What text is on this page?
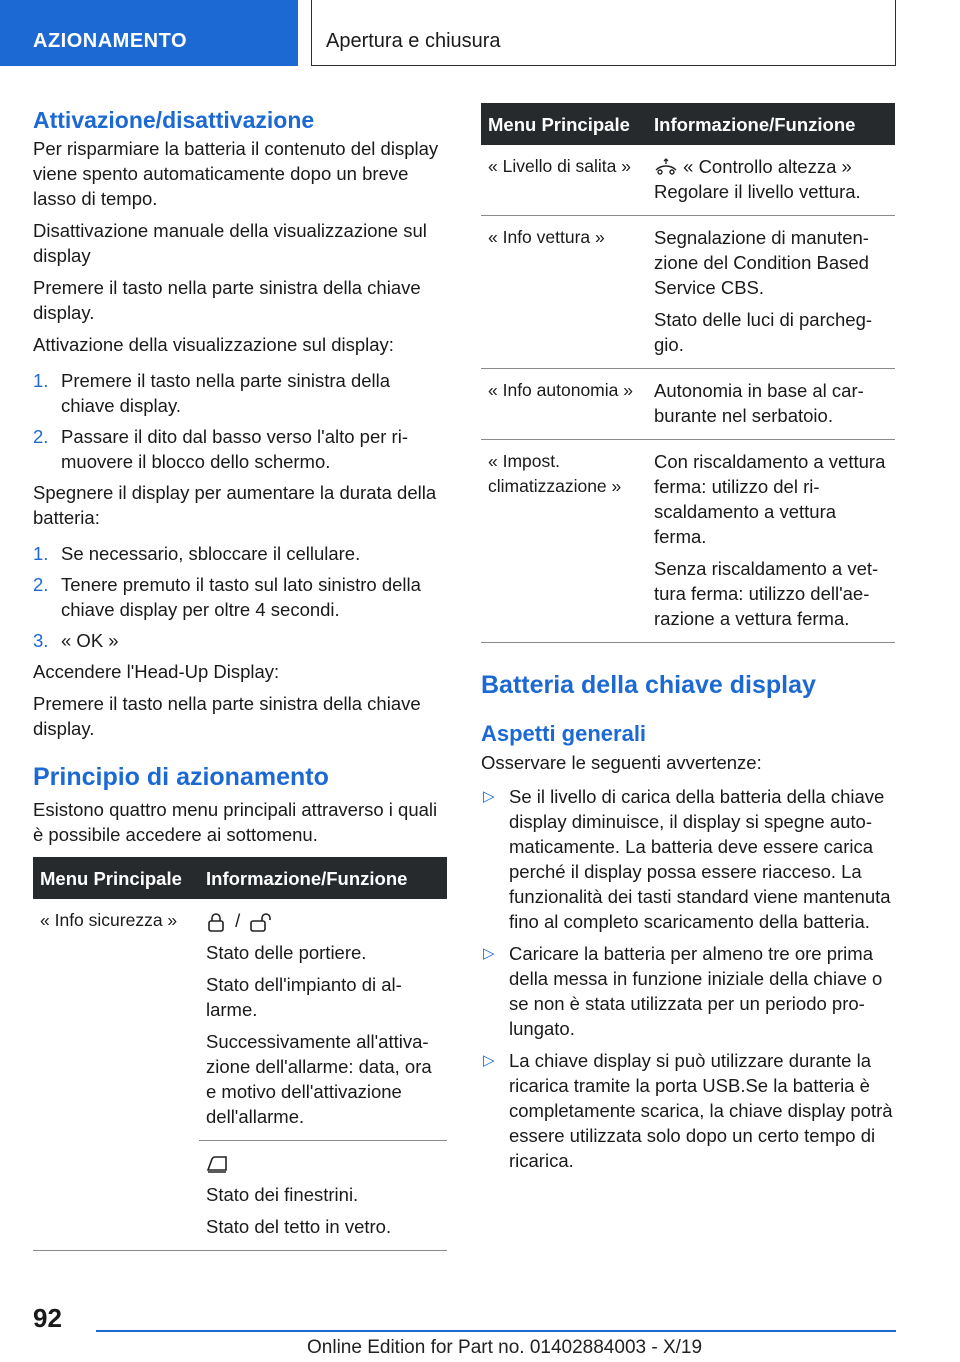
AZIONAMENTO	Apertura e chiusura
Attivazione/disattivazione

Per risparmiare la batteria il contenuto del display viene spento automaticamente dopo un breve lasso di tempo.

Disattivazione manuale della visualizzazione sul display

Premere il tasto nella parte sinistra della chiave display.

Attivazione della visualizzazione sul display:

1. Premere il tasto nella parte sinistra della chiave display.
2. Passare il dito dal basso verso l'alto per rimuovere il blocco dello schermo.

Spegnere il display per aumentare la durata della batteria:

1. Se necessario, sbloccare il cellulare.
2. Tenere premuto il tasto sul lato sinistro della chiave display per oltre 4 secondi.
3. « OK »

Accendere l'Head-Up Display:

Premere il tasto nella parte sinistra della chiave display.

Principio di azionamento

Esistono quattro menu principali attraverso i quali è possibile accedere ai sottomenu.

Menu Principale	Informazione/Funzione
« Info sicurezza »	/

Stato delle portiere.

Stato dell'impianto di allarme.

Successivamente all'attivazione dell'allarme: data, ora e motivo dell'attivazione dell'allarme.

	Stato dei finestrini.

Stato del tetto in vetro.

Menu Principale	Informazione/Funzione
« Livello di salita »	« Controllo altezza » Regolare il livello vettura.
« Info vettura »	Segnalazione di manutenzione del Condition Based Service CBS.

Stato delle luci di parcheggio.

« Info autonomia »	Autonomia in base al carburante nel serbatoio.
« Impost. climatizzazione »	Con riscaldamento a vettura ferma: utilizzo del riscaldamento a vettura ferma.

Senza riscaldamento a vettura ferma: utilizzo dell'aerazione a vettura ferma.

Batteria della chiave display
Aspetti generali

Osservare le seguenti avvertenze:

▷ Se il livello di carica della batteria della chiave display diminuisce, il display si spegne automaticamente. La batteria deve essere carica perché il display possa essere riacceso. La funzionalità dei tasti standard viene mantenuta fino al completo scaricamento della batteria.
▷ Caricare la batteria per almeno tre ore prima della messa in funzione iniziale della chiave o se non è stata utilizzata per un periodo prolungato.
▷ La chiave display si può utilizzare durante la ricarica tramite la porta USB.Se la batteria è completamente scarica, la chiave display potrà essere utilizzata solo dopo un certo tempo di ricarica.
92
Online Edition for Part no. 01402884003 - X/19
